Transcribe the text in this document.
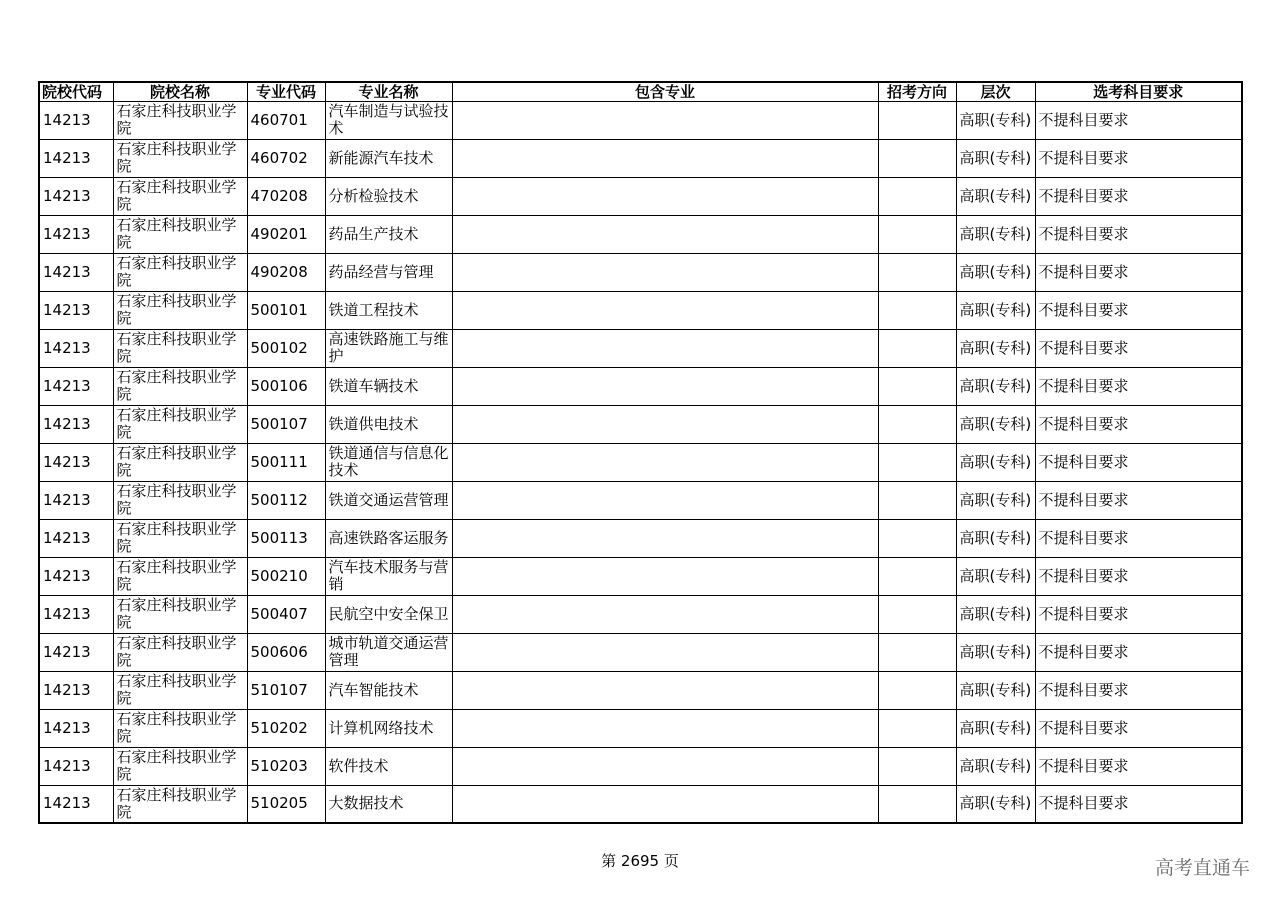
院校代码	院校名称	专业代码	专业名称	包含专业	招考方向	层次	选考科目要求
14213	石家庄科技职业学院	460701	汽车制造与试验技术			高职(专科)	不提科目要求
14213	石家庄科技职业学院	460702	新能源汽车技术			高职(专科)	不提科目要求
14213	石家庄科技职业学院	470208	分析检验技术			高职(专科)	不提科目要求
14213	石家庄科技职业学院	490201	药品生产技术			高职(专科)	不提科目要求
14213	石家庄科技职业学院	490208	药品经营与管理			高职(专科)	不提科目要求
14213	石家庄科技职业学院	500101	铁道工程技术			高职(专科)	不提科目要求
14213	石家庄科技职业学院	500102	高速铁路施工与维护			高职(专科)	不提科目要求
14213	石家庄科技职业学院	500106	铁道车辆技术			高职(专科)	不提科目要求
14213	石家庄科技职业学院	500107	铁道供电技术			高职(专科)	不提科目要求
14213	石家庄科技职业学院	500111	铁道通信与信息化技术			高职(专科)	不提科目要求
14213	石家庄科技职业学院	500112	铁道交通运营管理			高职(专科)	不提科目要求
14213	石家庄科技职业学院	500113	高速铁路客运服务			高职(专科)	不提科目要求
14213	石家庄科技职业学院	500210	汽车技术服务与营销			高职(专科)	不提科目要求
14213	石家庄科技职业学院	500407	民航空中安全保卫			高职(专科)	不提科目要求
14213	石家庄科技职业学院	500606	城市轨道交通运营管理			高职(专科)	不提科目要求
14213	石家庄科技职业学院	510107	汽车智能技术			高职(专科)	不提科目要求
14213	石家庄科技职业学院	510202	计算机网络技术			高职(专科)	不提科目要求
14213	石家庄科技职业学院	510203	软件技术			高职(专科)	不提科目要求
14213	石家庄科技职业学院	510205	大数据技术			高职(专科)	不提科目要求
第 2695 页	高考直通车
